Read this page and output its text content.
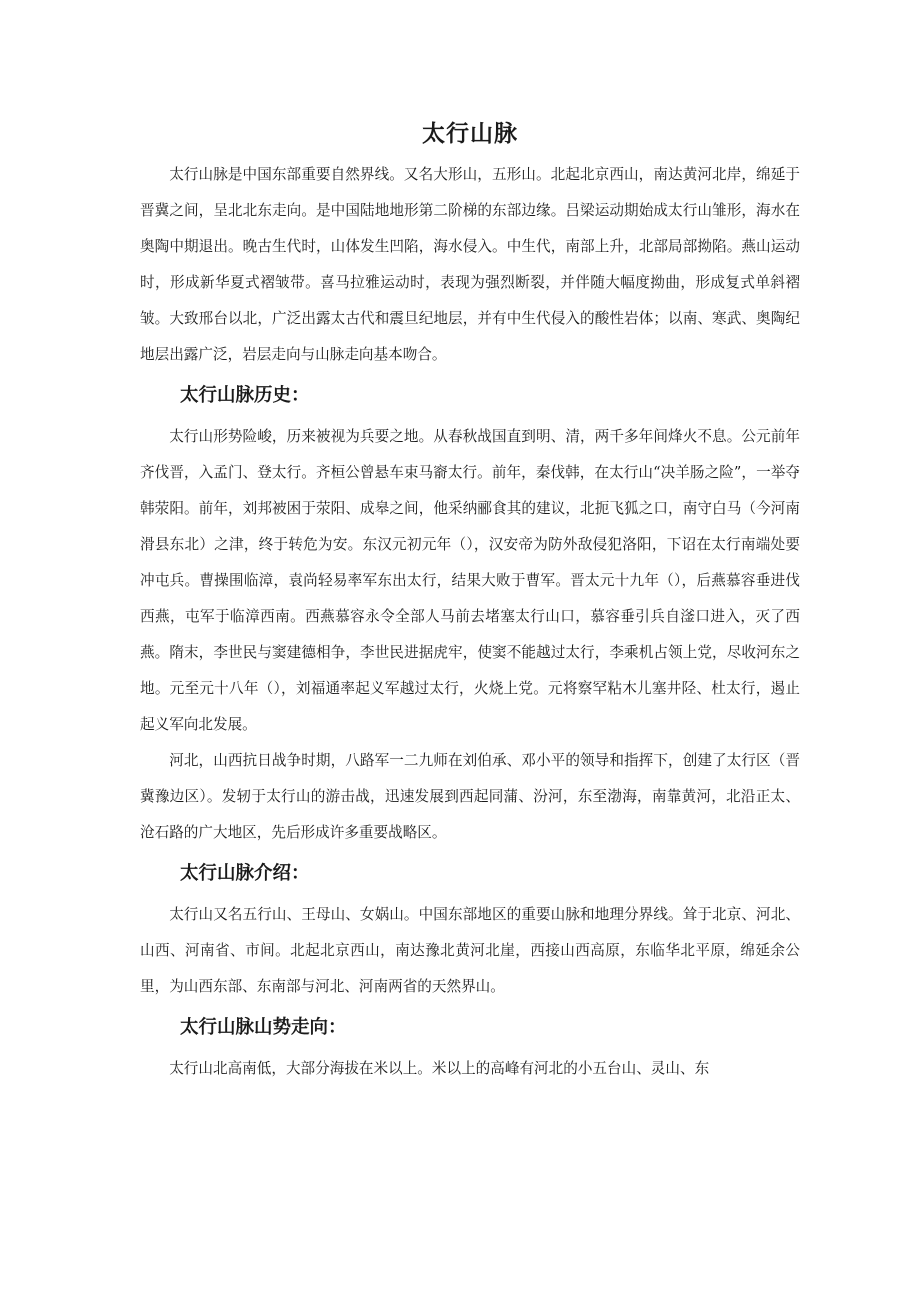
太行山脉

太行山脉是中国东部重要自然界线。又名大形山，五形山。北起北京西山，南达黄河北岸，绵延于晋冀之间，呈北北东走向。是中国陆地地形第二阶梯的东部边缘。吕梁运动期始成太行山雏形，海水在奥陶中期退出。晚古生代时，山体发生凹陷，海水侵入。中生代，南部上升，北部局部拗陷。燕山运动时，形成新华夏式褶皱带。喜马拉雅运动时，表现为强烈断裂，并伴随大幅度拗曲，形成复式单斜褶皱。大致邢台以北，广泛出露太古代和震旦纪地层，并有中生代侵入的酸性岩体；以南、寒武、奥陶纪地层出露广泛，岩层走向与山脉走向基本吻合。

太行山脉历史：

太行山形势险峻，历来被视为兵要之地。从春秋战国直到明、清，两千多年间烽火不息。公元前年齐伐晋，入孟门、登太行。齐桓公曾悬车束马窬太行。前年，秦伐韩，在太行山“决羊肠之险”，一举夺韩荥阳。前年，刘邦被困于荥阳、成皋之间，他采纳郦食其的建议，北扼飞狐之口，南守白马（今河南滑县东北）之津，终于转危为安。东汉元初元年（），汉安帝为防外敌侵犯洛阳，下诏在太行南端处要冲屯兵。曹操围临漳，袁尚轻易率军东出太行，结果大败于曹军。晋太元十九年（），后燕慕容垂进伐西燕，屯军于临漳西南。西燕慕容永令全部人马前去堵塞太行山口，慕容垂引兵自滏口进入，灭了西燕。隋末，李世民与窦建德相争，李世民进据虎牢，使窦不能越过太行，李乘机占领上党，尽收河东之地。元至元十八年（），刘福通率起义军越过太行，火烧上党。元将察罕粘木儿塞井陉、杜太行，遏止起义军向北发展。

河北，山西抗日战争时期，八路军一二九师在刘伯承、邓小平的领导和指挥下，创建了太行区（晋冀豫边区）。发轫于太行山的游击战，迅速发展到西起同蒲、汾河，东至渤海，南靠黄河，北沿正太、沧石路的广大地区，先后形成许多重要战略区。

太行山脉介绍：

太行山又名五行山、王母山、女娲山。中国东部地区的重要山脉和地理分界线。耸于北京、河北、山西、河南省、市间。北起北京西山，南达豫北黄河北崖，西接山西高原，东临华北平原，绵延余公里，为山西东部、东南部与河北、河南两省的天然界山。

太行山脉山势走向：

太行山北高南低，大部分海拔在米以上。米以上的高峰有河北的小五台山、灵山、东
